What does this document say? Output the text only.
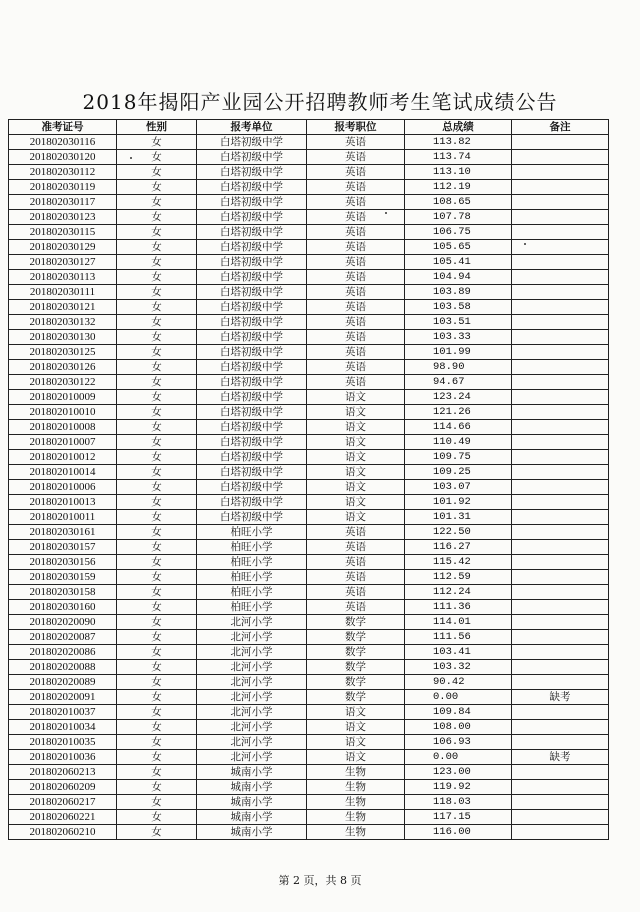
2018年揭阳产业园公开招聘教师考生笔试成绩公告
准考证号	性别	报考单位	报考职位	总成绩	备注
201802030116	女	白塔初级中学	英语	113.82	
201802030120	女	白塔初级中学	英语	113.74	
201802030112	女	白塔初级中学	英语	113.10	
201802030119	女	白塔初级中学	英语	112.19	
201802030117	女	白塔初级中学	英语	108.65	
201802030123	女	白塔初级中学	英语	107.78	
201802030115	女	白塔初级中学	英语	106.75	
201802030129	女	白塔初级中学	英语	105.65	
201802030127	女	白塔初级中学	英语	105.41	
201802030113	女	白塔初级中学	英语	104.94	
201802030111	女	白塔初级中学	英语	103.89	
201802030121	女	白塔初级中学	英语	103.58	
201802030132	女	白塔初级中学	英语	103.51	
201802030130	女	白塔初级中学	英语	103.33	
201802030125	女	白塔初级中学	英语	101.99	
201802030126	女	白塔初级中学	英语	98.90	
201802030122	女	白塔初级中学	英语	94.67	
201802010009	女	白塔初级中学	语文	123.24	
201802010010	女	白塔初级中学	语文	121.26	
201802010008	女	白塔初级中学	语文	114.66	
201802010007	女	白塔初级中学	语文	110.49	
201802010012	女	白塔初级中学	语文	109.75	
201802010014	女	白塔初级中学	语文	109.25	
201802010006	女	白塔初级中学	语文	103.07	
201802010013	女	白塔初级中学	语文	101.92	
201802010011	女	白塔初级中学	语文	101.31	
201802030161	女	柏旺小学	英语	122.50	
201802030157	女	柏旺小学	英语	116.27	
201802030156	女	柏旺小学	英语	115.42	
201802030159	女	柏旺小学	英语	112.59	
201802030158	女	柏旺小学	英语	112.24	
201802030160	女	柏旺小学	英语	111.36	
201802020090	女	北河小学	数学	114.01	
201802020087	女	北河小学	数学	111.56	
201802020086	女	北河小学	数学	103.41	
201802020088	女	北河小学	数学	103.32	
201802020089	女	北河小学	数学	90.42	
201802020091	女	北河小学	数学	0.00	缺考
201802010037	女	北河小学	语文	109.84	
201802010034	女	北河小学	语文	108.00	
201802010035	女	北河小学	语文	106.93	
201802010036	女	北河小学	语文	0.00	缺考
201802060213	女	城南小学	生物	123.00	
201802060209	女	城南小学	生物	119.92	
201802060217	女	城南小学	生物	118.03	
201802060221	女	城南小学	生物	117.15	
201802060210	女	城南小学	生物	116.00	
第 2 页，共 8 页
